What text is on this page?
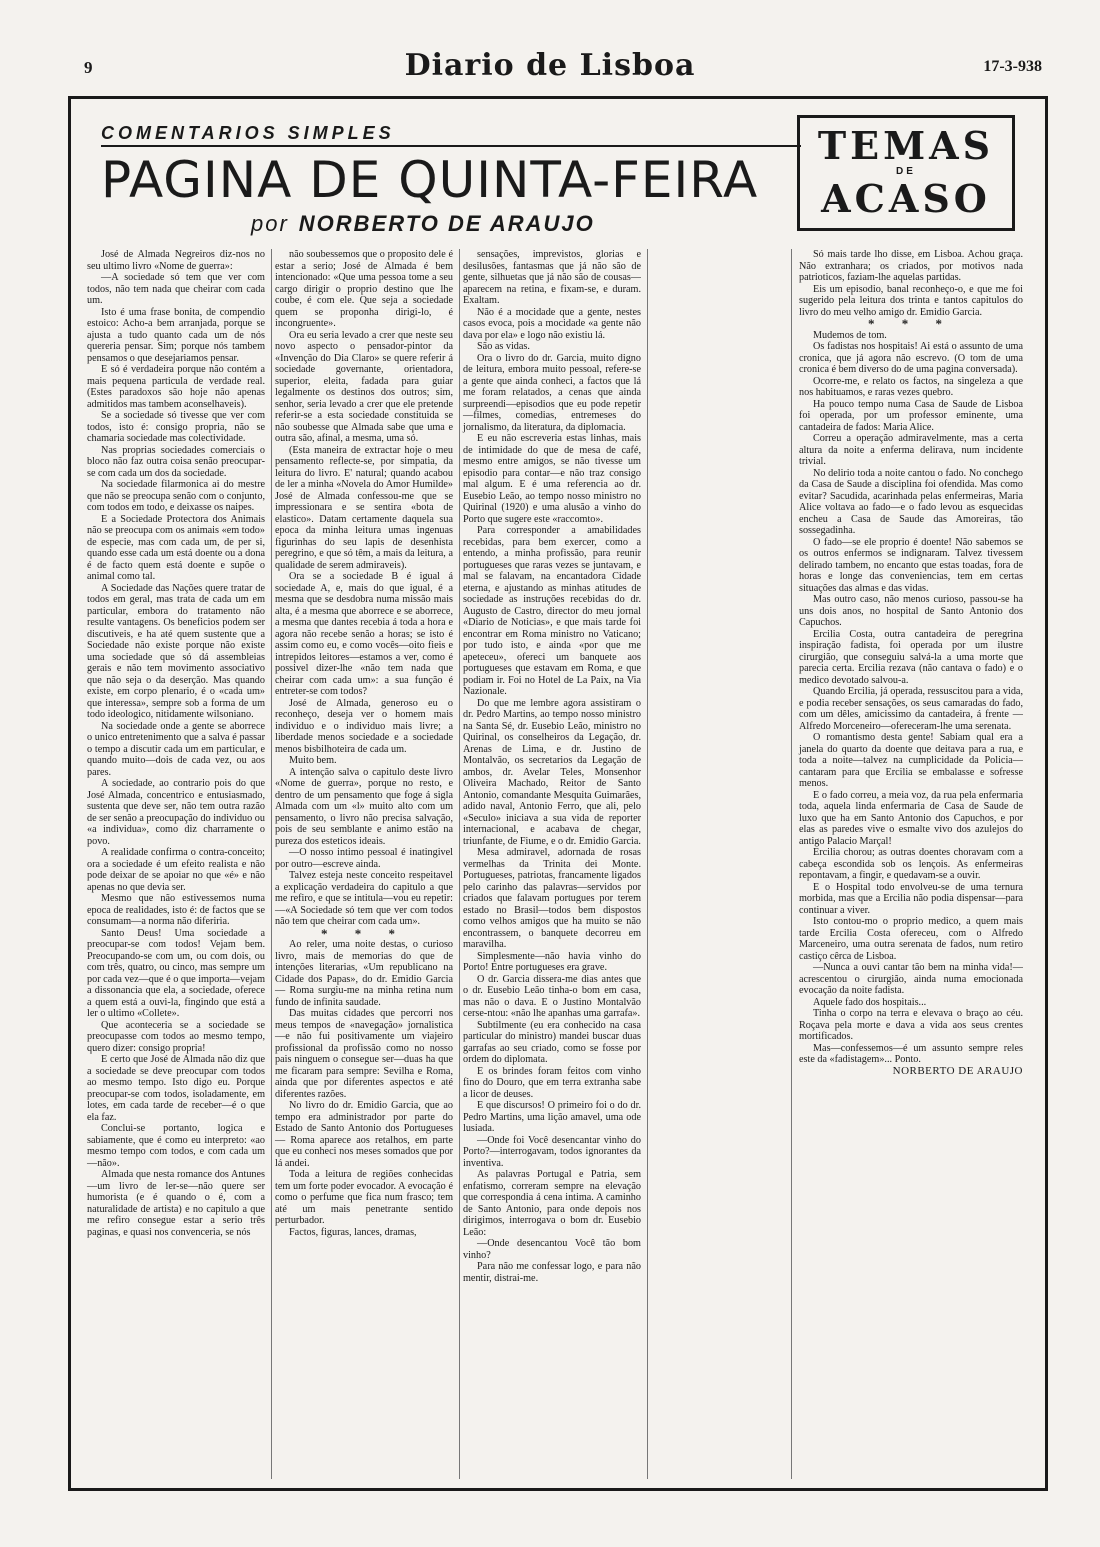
9	Diario de Lisboa	17-3-938
COMENTARIOS SIMPLES
PAGINA DE QUINTA-FEIRA
por NORBERTO DE ARAUJO
TEMAS
DE
ACASO

José de Almada Negreiros diz-nos no seu ultimo livro «Nome de guerra»:

—A sociedade só tem que ver com todos, não tem nada que cheirar com cada um.

Isto é uma frase bonita, de compendio estoico: Acho-a bem arranjada, porque se ajusta a tudo quanto cada um de nós quereria pensar. Sim; porque nós tambem pensamos o que desejariamos pensar.

E só é verdadeira porque não contém a mais pequena particula de verdade real. (Estes paradoxos são hoje não apenas admitidos mas tambem aconselhaveis).

Se a sociedade só tivesse que ver com todos, isto é: consigo propria, não se chamaria sociedade mas colectividade.

Nas proprias sociedades comerciais o bloco não faz outra coisa senão preocupar-se com cada um dos da sociedade.

Na sociedade filarmonica ai do mestre que não se preocupa senão com o conjunto, com todos em todo, e deixasse os naipes.

E a Sociedade Protectora dos Animais não se preocupa com os animais «em todo» de especie, mas com cada um, de per si, quando esse cada um está doente ou a dona é de facto quem está doente e supõe o animal como tal.

A Sociedade das Nações quere tratar de todos em geral, mas trata de cada um em particular, embora do tratamento não resulte vantagens. Os beneficios podem ser discutiveis, e ha até quem sustente que a Sociedade não existe porque não existe uma sociedade que só dá assembleias gerais e não tem movimento associativo que não seja o da deserção. Mas quando existe, em corpo plenario, é o «cada um» que interessa», sempre sob a forma de um todo ideologico, nitidamente wilsoniano.

Na sociedade onde a gente se aborrece o unico entretenimento que a salva é passar o tempo a discutir cada um em particular, e quando muito—dois de cada vez, ou aos pares.

A sociedade, ao contrario pois do que José Almada, concentrico e entusiasmado, sustenta que deve ser, não tem outra razão de ser senão a preocupação do individuo ou «a individua», como diz charramente o povo.

A realidade confirma o contra-conceito; ora a sociedade é um efeito realista e não pode deixar de se apoiar no que «é» e não apenas no que devia ser.

Mesmo que não estivessemos numa epoca de realidades, isto é: de factos que se consumam—a norma não diferiria.

Santo Deus! Uma sociedade a preocupar-se com todos! Vejam bem. Preocupando-se com um, ou com dois, ou com três, quatro, ou cinco, mas sempre um por cada vez—que é o que importa—vejam a dissonancia que ela, a sociedade, oferece a quem está a ouvi-la, fingindo que está a ler o ultimo «Collete».

Que aconteceria se a sociedade se preocupasse com todos ao mesmo tempo, quero dizer: consigo propria!

E certo que José de Almada não diz que a sociedade se deve preocupar com todos ao mesmo tempo. Isto digo eu. Porque preocupar-se com todos, isoladamente, em lotes, em cada tarde de receber—é o que ela faz.

Conclui-se portanto, logica e sabiamente, que é como eu interpreto: «ao mesmo tempo com todos, e com cada um—não».

Almada que nesta romance dos Antunes—um livro de ler-se—não quere ser humorista (e é quando o é, com a naturalidade de artista) e no capitulo a que me refiro consegue estar a serio três paginas, e quasi nos convenceria, se nós

não soubessemos que o proposito dele é estar a serio; José de Almada é bem intencionado: «Que uma pessoa tome a seu cargo dirigir o proprio destino que lhe coube, é com ele. Que seja a sociedade quem se proponha dirigi-lo, é incongruente».

Ora eu seria levado a crer que neste seu novo aspecto o pensador-pintor da «Invenção do Dia Claro» se quere referir á sociedade governante, orientadora, superior, eleita, fadada para guiar legalmente os destinos dos outros; sim, senhor, seria levado a crer que ele pretende referir-se a esta sociedade constituida se não soubesse que Almada sabe que uma e outra são, afinal, a mesma, uma só.

(Esta maneira de extractar hoje o meu pensamento reflecte-se, por simpatia, da leitura do livro. E' natural; quando acabou de ler a minha «Novela do Amor Humilde» José de Almada confessou-me que se impressionara e se sentira «bota de elastico». Datam certamente daquela sua epoca da minha leitura umas ingenuas figurinhas do seu lapis de desenhista peregrino, e que só têm, a mais da leitura, a qualidade de serem admiraveis).

Ora se a sociedade B é igual á sociedade A, e, mais do que igual, é a mesma que se desdobra numa missão mais alta, é a mesma que aborrece e se aborrece, a mesma que dantes recebia á toda a hora e agora não recebe senão a horas; se isto é assim como eu, e como vocês—oito fieis e intrepidos leitores—estamos a ver, como é possivel dizer-lhe «não tem nada que cheirar com cada um»: a sua função é entreter-se com todos?

José de Almada, generoso eu o reconheço, deseja ver o homem mais individuo e o individuo mais livre; a liberdade menos sociedade e a sociedade menos bisbilhoteira de cada um.

Muito bem.

A intenção salva o capitulo deste livro «Nome de guerra», porque no resto, e dentro de um pensamento que foge á sigla Almada com um «l» muito alto com um pensamento, o livro não precisa salvação, pois de seu semblante e animo estão na pureza dos esteticos ideais.

—O nosso intimo pessoal é inatingivel por outro—escreve ainda.

Talvez esteja neste conceito respeitavel a explicação verdadeira do capitulo a que me refiro, e que se intitula—vou eu repetir: —«A Sociedade só tem que ver com todos não tem que cheirar com cada um».

* * *

Ao reler, uma noite destas, o curioso livro, mais de memorias do que de intenções literarias, «Um republicano na Cidade dos Papas», do dr. Emidio Garcia — Roma surgiu-me na minha retina num fundo de infinita saudade.

Das muitas cidades que percorri nos meus tempos de «navegação» jornalistica—e não fui positivamente um viajeiro profissional da profissão como no nosso pais ninguem o consegue ser—duas ha que me ficaram para sempre: Sevilha e Roma, ainda que por diferentes aspectos e até diferentes razões.

No livro do dr. Emidio Garcia, que ao tempo era administrador por parte do Estado de Santo Antonio dos Portugueses — Roma aparece aos retalhos, em parte que eu conheci nos meses somados que por lá andei.

Toda a leitura de regiões conhecidas tem um forte poder evocador. A evocação é como o perfume que fica num frasco; tem até um mais penetrante sentido perturbador.

Factos, figuras, lances, dramas,

sensações, imprevistos, glorias e desilusões, fantasmas que já não são de gente, silhuetas que já não são de cousas—aparecem na retina, e fixam-se, e duram. Exaltam.

Não é a mocidade que a gente, nestes casos evoca, pois a mocidade «a gente não dava por ela» e logo não existiu lá.

São as vidas.

Ora o livro do dr. Garcia, muito digno de leitura, embora muito pessoal, refere-se a gente que ainda conheci, a factos que lá me foram relatados, a cenas que ainda surpreendi—episodios que eu pode repetir—filmes, comedias, entremeses do jornalismo, da literatura, da diplomacia.

E eu não escreveria estas linhas, mais de intimidade do que de mesa de café, mesmo entre amigos, se não tivesse um episodio para contar—e não traz consigo mal algum. E é uma referencia ao dr. Eusebio Leão, ao tempo nosso ministro no Quirinal (1920) e uma alusão a vinho do Porto que sugere este «raccomto».

Para corresponder a amabilidades recebidas, para bem exercer, como a entendo, a minha profissão, para reunir portugueses que raras vezes se juntavam, e mal se falavam, na encantadora Cidade eterna, e ajustando as minhas atitudes de sociedade as instruções recebidas do dr. Augusto de Castro, director do meu jornal «Diario de Noticias», e que mais tarde foi encontrar em Roma ministro no Vaticano; por tudo isto, e ainda «por que me apeteceu», ofereci um banquete aos portugueses que estavam em Roma, e que podiam ir. Foi no Hotel de La Paix, na Via Nazionale.

Do que me lembre agora assistiram o dr. Pedro Martins, ao tempo nosso ministro na Santa Sé, dr. Eusebio Leão, ministro no Quirinal, os conselheiros da Legação, dr. Arenas de Lima, e dr. Justino de Montalvão, os secretarios da Legação de ambos, dr. Avelar Teles, Monsenhor Oliveira Machado, Reitor de Santo Antonio, comandante Mesquita Guimarães, adido naval, Antonio Ferro, que ali, pelo «Seculo» iniciava a sua vida de reporter internacional, e acabava de chegar, triunfante, de Fiume, e o dr. Emidio Garcia.

Mesa admiravel, adornada de rosas vermelhas da Trinita dei Monte. Portugueses, patriotas, francamente ligados pelo carinho das palavras—servidos por criados que falavam portugues por terem estado no Brasil—todos bem dispostos como velhos amigos que ha muito se não encontrassem, o banquete decorreu em maravilha.

Simplesmente—não havia vinho do Porto! Entre portugueses era grave.

O dr. Garcia dissera-me dias antes que o dr. Eusebio Leão tinha-o bom em casa, mas não o dava. E o Justino Montalvão cerse-ntou: «não lhe apanhas uma garrafa».

Subtilmente (eu era conhecido na casa particular do ministro) mandei buscar duas garrafas ao seu criado, como se fosse por ordem do diplomata.

E os brindes foram feitos com vinho fino do Douro, que em terra extranha sabe a licor de deuses.

E que discursos! O primeiro foi o do dr. Pedro Martins, uma lição amavel, uma ode lusiada.

—Onde foi Você desencantar vinho do Porto?—interrogavam, todos ignorantes da inventiva.

As palavras Portugal e Patria, sem enfatismo, correram sempre na elevação que correspondia á cena intima. A caminho de Santo Antonio, para onde depois nos dirigimos, interrogava o bom dr. Eusebio Leão:

—Onde desencantou Você tão bom vinho?

Para não me confessar logo, e para não mentir, distrai-me.

Só mais tarde lho disse, em Lisboa. Achou graça. Não extranhara; os criados, por motivos nada patrioticos, faziam-lhe aquelas partidas.

Eis um episodio, banal reconheço-o, e que me foi sugerido pela leitura dos trinta e tantos capitulos do livro do meu velho amigo dr. Emidio Garcia.

* * *

Mudemos de tom.

Os fadistas nos hospitais! Ai está o assunto de uma cronica, que já agora não escrevo. (O tom de uma cronica é bem diverso do de uma pagina conversada).

Ocorre-me, e relato os factos, na singeleza a que nos habituamos, e raras vezes quebro.

Ha pouco tempo numa Casa de Saude de Lisboa foi operada, por um professor eminente, uma cantadeira de fados: Maria Alice.

Correu a operação admiravelmente, mas a certa altura da noite a enferma delirava, num incidente trivial.

No delirio toda a noite cantou o fado. No conchego da Casa de Saude a disciplina foi ofendida. Mas como evitar? Sacudida, acarinhada pelas enfermeiras, Maria Alice voltava ao fado—e o fado levou as esquecidas encheu a Casa de Saude das Amoreiras, tão sossegadinha.

O fado—se ele proprio é doente! Não sabemos se os outros enfermos se indignaram. Talvez tivessem delirado tambem, no encanto que estas toadas, fora de horas e longe das conveniencias, tem em certas situações das almas e das vidas.

Mas outro caso, não menos curioso, passou-se ha uns dois anos, no hospital de Santo Antonio dos Capuchos.

Ercilia Costa, outra cantadeira de peregrina inspiração fadista, foi operada por um ilustre cirurgião, que conseguiu salvá-la a uma morte que parecia certa. Ercilia rezava (não cantava o fado) e o medico devotado salvou-a.

Quando Ercilia, já operada, ressuscitou para a vida, e podia receber sensações, os seus camaradas do fado, com um dêles, amicissimo da cantadeira, á frente —Alfredo Morceneiro—ofereceram-lhe uma serenata.

O romantismo desta gente! Sabiam qual era a janela do quarto da doente que deitava para a rua, e toda a noite—talvez na cumplicidade da Policia—cantaram para que Ercilia se embalasse e sofresse menos.

E o fado correu, a meia voz, da rua pela enfermaria toda, aquela linda enfermaria de Casa de Saude de luxo que ha em Santo Antonio dos Capuchos, e por elas as paredes vive o esmalte vivo dos azulejos do antigo Palacio Marçal!

Ercilia chorou; as outras doentes choravam com a cabeça escondida sob os lençois. As enfermeiras repontavam, a fingir, e quedavam-se a ouvir.

E o Hospital todo envolveu-se de uma ternura morbida, mas que a Ercilia não podia dispensar—para continuar a viver.

Isto contou-mo o proprio medico, a quem mais tarde Ercilia Costa ofereceu, com o Alfredo Marceneiro, uma outra serenata de fados, num retiro castiço cêrca de Lisboa.

—Nunca a ouvi cantar tão bem na minha vida!—acrescentou o cirurgião, ainda numa emocionada evocação da noite fadista.

Aquele fado dos hospitais...

Tinha o corpo na terra e elevava o braço ao céu. Roçava pela morte e dava a vida aos seus crentes mortificados.

Mas—confessemos—é um assunto sempre reles este da «fadistagem»... Ponto.

NORBERTO DE ARAUJO
